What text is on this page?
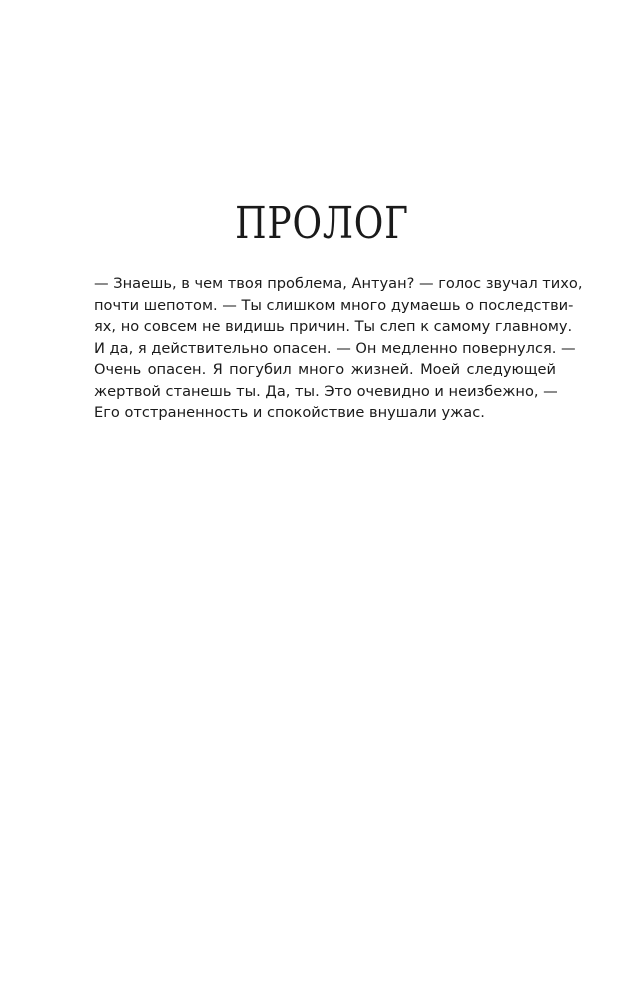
ПРОЛОГ
— Знаешь, в чем твоя проблема, Антуан? — голос звучал тихо,
почти шепотом. — Ты слишком много думаешь о последстви-
ях, но совсем не видишь причин. Ты слеп к самому главному.
И да, я действительно опасен. — Он медленно повернулся. —
Очень опасен. Я погубил много жизней. Моей следующей
жертвой станешь ты. Да, ты. Это очевидно и неизбежно, —
Его отстраненность и спокойствие внушали ужас.
